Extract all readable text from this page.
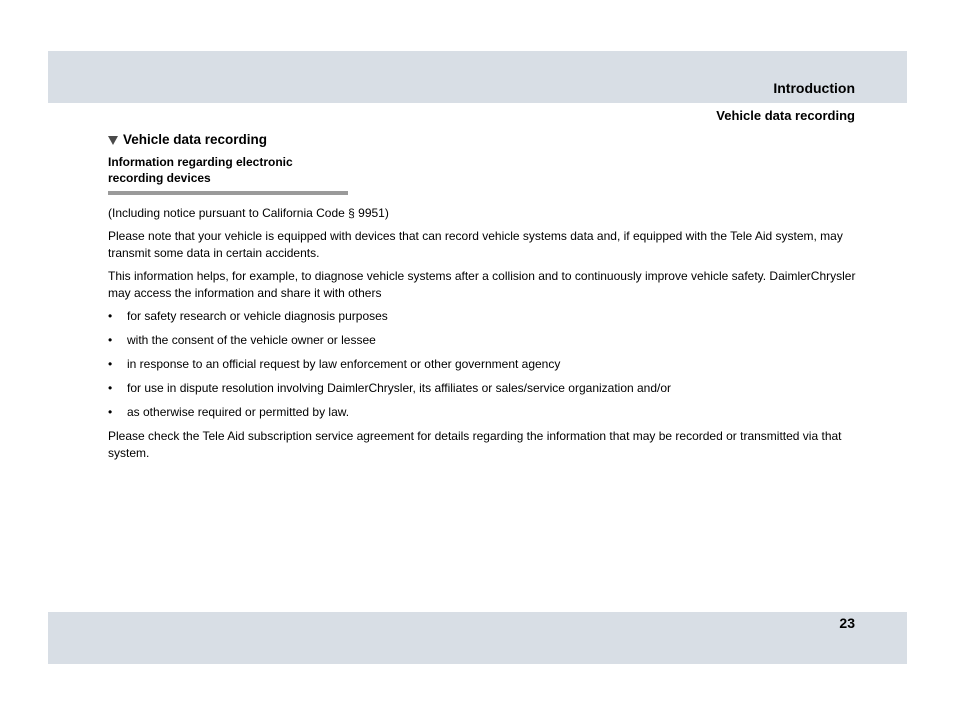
Introduction
Vehicle data recording
Vehicle data recording
Information regarding electronic recording devices

(Including notice pursuant to California Code § 9951)

Please note that your vehicle is equipped with devices that can record vehicle systems data and, if equipped with the Tele Aid system, may transmit some data in certain accidents.

This information helps, for example, to diagnose vehicle systems after a collision and to continuously improve vehicle safety. DaimlerChrysler may access the information and share it with others

• for safety research or vehicle diagnosis purposes
• with the consent of the vehicle owner or lessee
• in response to an official request by law enforcement or other government agency
• for use in dispute resolution involving DaimlerChrysler, its affiliates or sales/service organization and/or
• as otherwise required or permitted by law.

Please check the Tele Aid subscription service agreement for details regarding the information that may be recorded or transmitted via that system.

23
